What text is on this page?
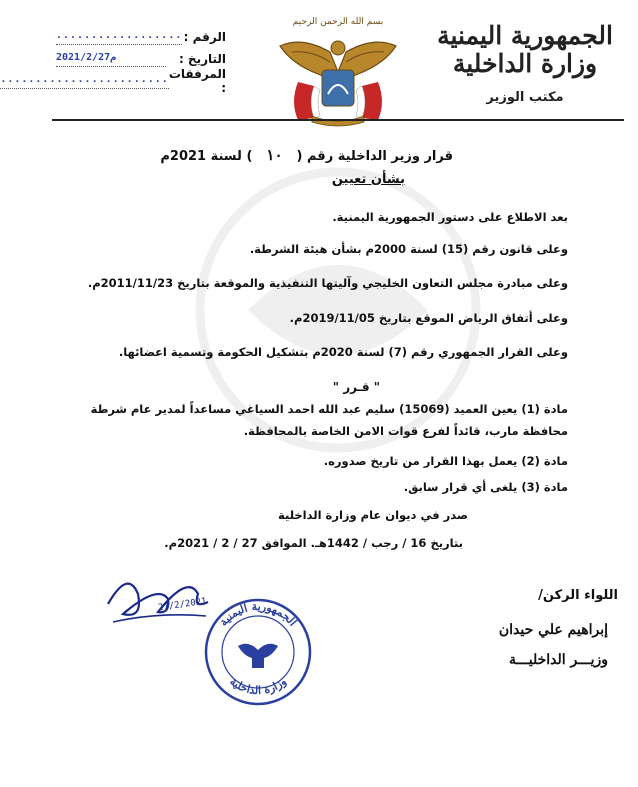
الجمهورية اليمنية
وزارة الداخلية
مكتب الوزير
بسم الله الرحمن الرحيم
الرقم :
..................
التاريخ :
2021/2/27م
المرفقات :
........................
قرار وزير الداخلية رقم (١٠) لسنة 2021م
بشأن تعيين
بعد الاطلاع على دستور الجمهورية اليمنية.
وعلى قانون رقم (15) لسنة 2000م بشأن هيئة الشرطة.
وعلى مبادرة مجلس التعاون الخليجي وآليتها التنفيذية والموقعة بتاريخ 2011/11/23م.
وعلى أتفاق الرياض الموقع بتاريخ 2019/11/05م.
وعلى القرار الجمهوري رقم (7) لسنة 2020م بتشكيل الحكومة وتسمية اعضائها.
" قـرر "
مادة (1) يعين العميد (15069) سليم عبد الله احمد السياغي مساعداً لمدير عام شرطة محافظة مارب، قائداً لفرع قوات الامن الخاصة بالمحافظة.
مادة (2) يعمل بهذا القرار من تاريخ صدوره.
مادة (3) يلغى أي قرار سابق.
صدر في ديوان عام وزارة الداخلية
بتاريخ 16 / رجب / 1442هـ. الموافق 27 / 2 / 2021م.
اللواء الركن/
إبراهيم علي حيدان
وزيـــر الداخليـــة
27/2/2021
الجمهورية اليمنية
وزارة الداخلية
